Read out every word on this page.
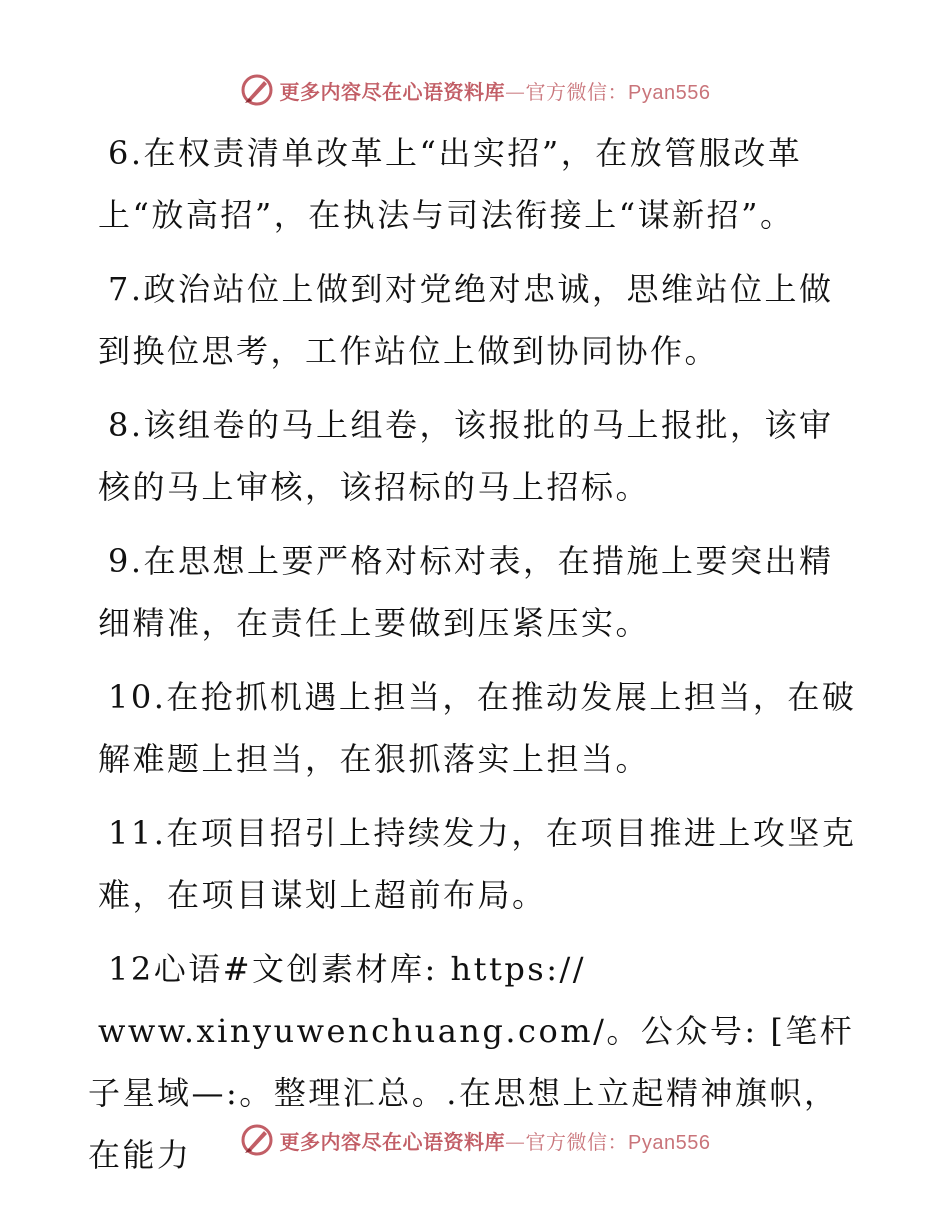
更多内容尽在心语资料库—官方微信：Pyan556

6.在权责清单改革上“出实招”，在放管服改革上“放高招”，在执法与司法衔接上“谋新招”。

7.政治站位上做到对党绝对忠诚，思维站位上做到换位思考，工作站位上做到协同协作。

8.该组卷的马上组卷，该报批的马上报批，该审核的马上审核，该招标的马上招标。

9.在思想上要严格对标对表，在措施上要突出精细精准，在责任上要做到压紧压实。

10.在抢抓机遇上担当，在推动发展上担当，在破解难题上担当，在狠抓落实上担当。

11.在项目招引上持续发力，在项目推进上攻坚克难，在项目谋划上超前布局。

12心语#文创素材库: https://
www.xinyuwenchuang.com/。公众号: [笔杆子星域—:。整理汇总。.在思想上立起精神旗帜，在能力	更多内容尽在心语资料库—官方微信：Pyan556
